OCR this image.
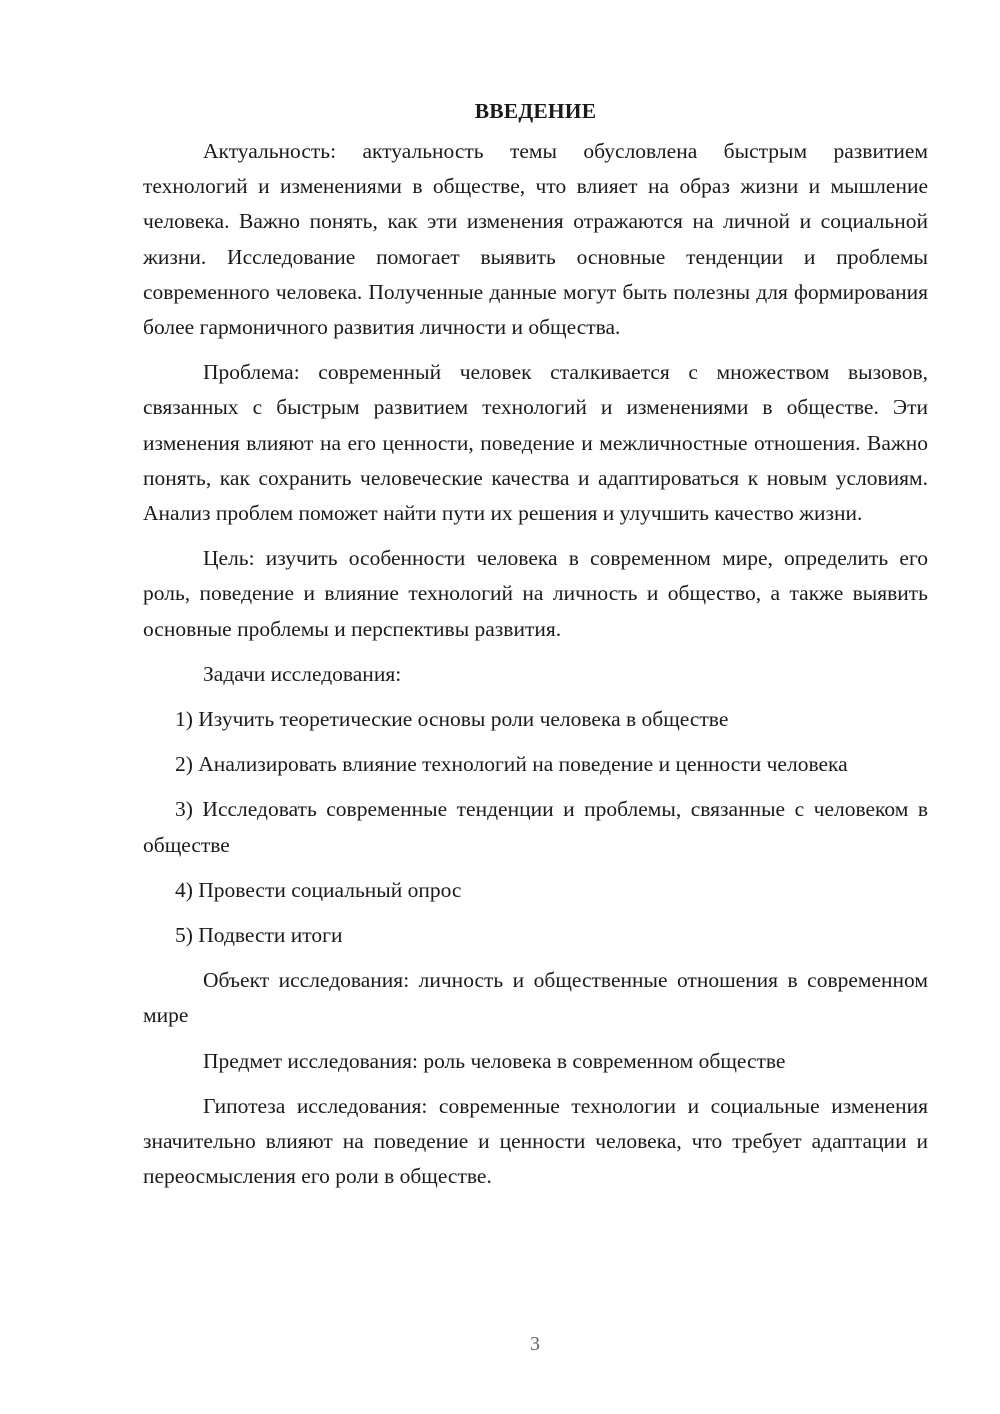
ВВЕДЕНИЕ

Актуальность: актуальность темы обусловлена быстрым развитием технологий и изменениями в обществе, что влияет на образ жизни и мышление человека. Важно понять, как эти изменения отражаются на личной и социальной жизни. Исследование помогает выявить основные тенденции и проблемы современного человека. Полученные данные могут быть полезны для формирования более гармоничного развития личности и общества.

Проблема: современный человек сталкивается с множеством вызовов, связанных с быстрым развитием технологий и изменениями в обществе. Эти изменения влияют на его ценности, поведение и межличностные отношения. Важно понять, как сохранить человеческие качества и адаптироваться к новым условиям. Анализ проблем поможет найти пути их решения и улучшить качество жизни.

Цель: изучить особенности человека в современном мире, определить его роль, поведение и влияние технологий на личность и общество, а также выявить основные проблемы и перспективы развития.

Задачи исследования:

1) Изучить теоретические основы роли человека в обществе

2) Анализировать влияние технологий на поведение и ценности человека

3) Исследовать современные тенденции и проблемы, связанные с человеком в обществе

4) Провести социальный опрос

5) Подвести итоги

Объект исследования: личность и общественные отношения в современном мире

Предмет исследования: роль человека в современном обществе

Гипотеза исследования: современные технологии и социальные изменения значительно влияют на поведение и ценности человека, что требует адаптации и переосмысления его роли в обществе.

3
